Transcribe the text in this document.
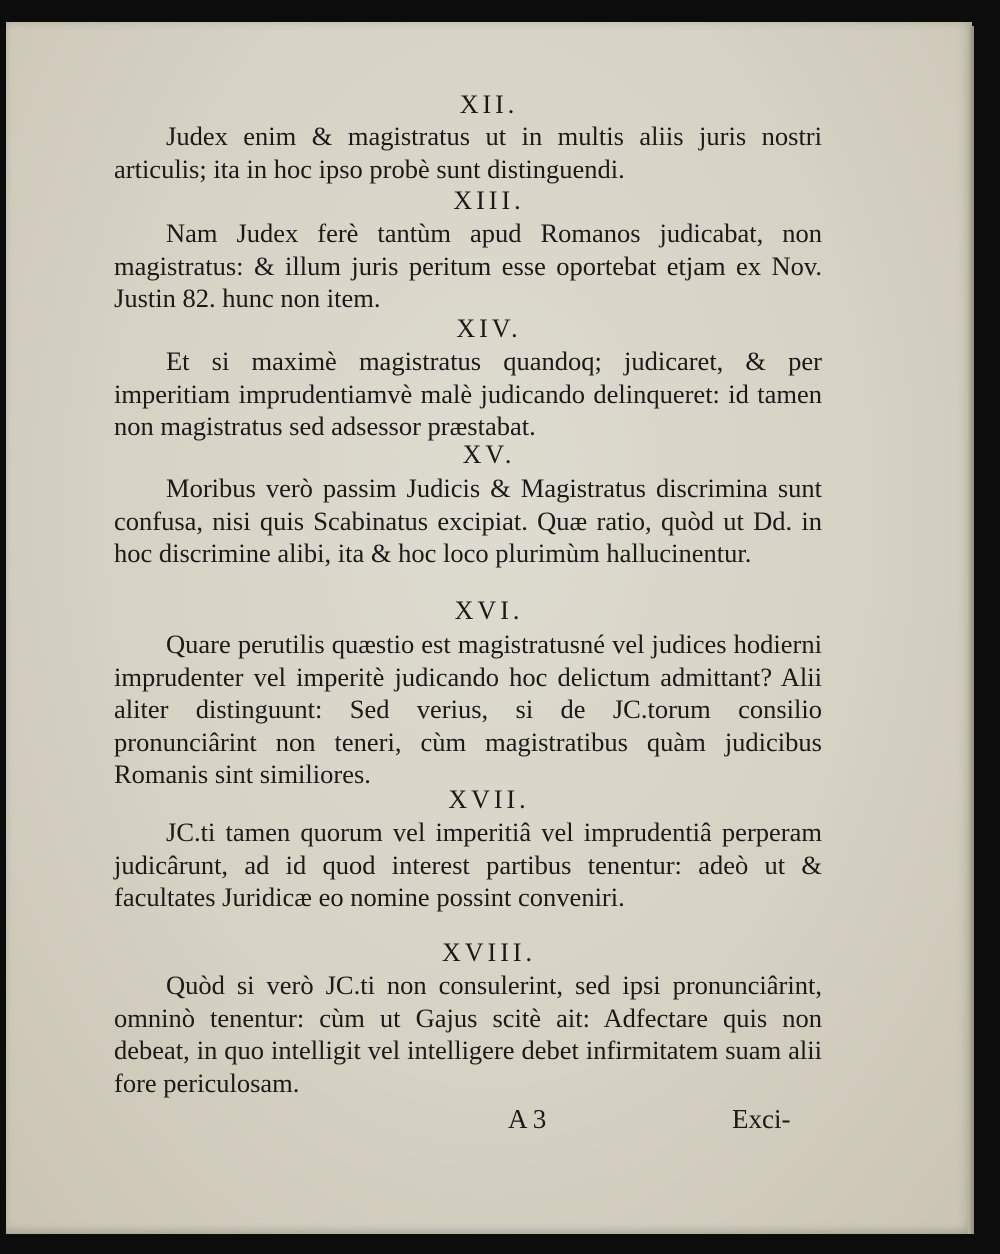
XII.
Judex enim & magistratus ut in multis aliis juris nostri articulis; ita in hoc ipso probè sunt distinguendi.
XIII.
Nam Judex ferè tantùm apud Romanos judicabat, non magistratus: & illum juris peritum esse oportebat etjam ex Nov. Justin 82. hunc non item.
XIV.
Et si maximè magistratus quandoq; judicaret, & per imperitiam imprudentiamvè malè judicando delinqueret: id tamen non magistratus sed adsessor præstabat.
XV.
Moribus verò passim Judicis & Magistratus discrimina sunt confusa, nisi quis Scabinatus excipiat. Quæ ratio, quòd ut Dd. in hoc discrimine alibi, ita & hoc loco plurimùm hallucinentur.
XVI.
Quare perutilis quæstio est magistratusné vel judices hodierni imprudenter vel imperitè judicando hoc delictum admittant? Alii aliter distinguunt: Sed verius, si de JC.torum consilio pronunciârint non teneri, cùm magistratibus quàm judicibus Romanis sint similiores.
XVII.
JC.ti tamen quorum vel imperitiâ vel imprudentiâ perperam judicârunt, ad id quod interest partibus tenentur: adeò ut & facultates Juridicæ eo nomine possint conveniri.
XVIII.
Quòd si verò JC.ti non consulerint, sed ipsi pronunciârint, omninò tenentur: cùm ut Gajus scitè ait: Adfectare quis non debeat, in quo intelligit vel intelligere debet infirmitatem suam alii fore periculosam.
A 3	Exci-
